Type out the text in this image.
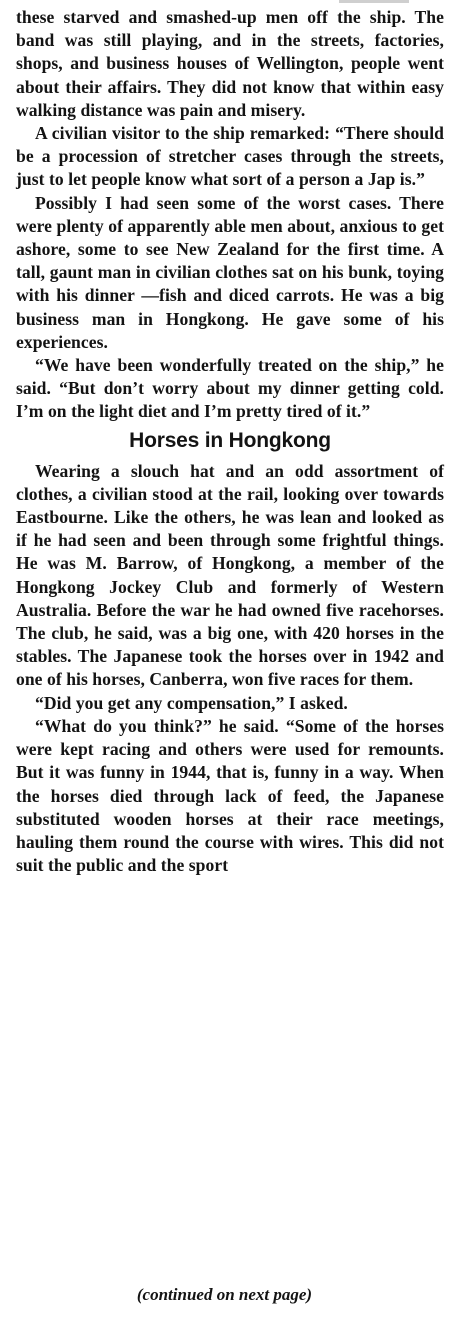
these starved and smashed-up men off the ship. The band was still playing, and in the streets, factories, shops, and business houses of Wellington, people went about their affairs. They did not know that within easy walking distance was pain and misery.

A civilian visitor to the ship remarked: “There should be a procession of stretcher cases through the streets, just to let people know what sort of a person a Jap is.”

Possibly I had seen some of the worst cases. There were plenty of apparently able men about, anxious to get ashore, some to see New Zealand for the first time. A tall, gaunt man in civilian clothes sat on his bunk, toying with his dinner —fish and diced carrots. He was a big business man in Hongkong. He gave some of his experiences.

“We have been wonderfully treated on the ship,” he said. “But don’t worry about my dinner getting cold. I’m on the light diet and I’m pretty tired of it.”

Horses in Hongkong

Wearing a slouch hat and an odd assortment of clothes, a civilian stood at the rail, looking over towards Eastbourne. Like the others, he was lean and looked as if he had seen and been through some frightful things. He was M. Barrow, of Hongkong, a member of the Hongkong Jockey Club and formerly of Western Australia. Before the war he had owned five racehorses. The club, he said, was a big one, with 420 horses in the stables. The Japanese took the horses over in 1942 and one of his horses, Canberra, won five races for them.

“Did you get any compensation,” I asked.

“What do you think?” he said. “Some of the horses were kept racing and others were used for remounts. But it was funny in 1944, that is, funny in a way. When the horses died through lack of feed, the Japanese substituted wooden horses at their race meetings, hauling them round the course with wires. This did not suit the public and the sport

(continued on next page)
